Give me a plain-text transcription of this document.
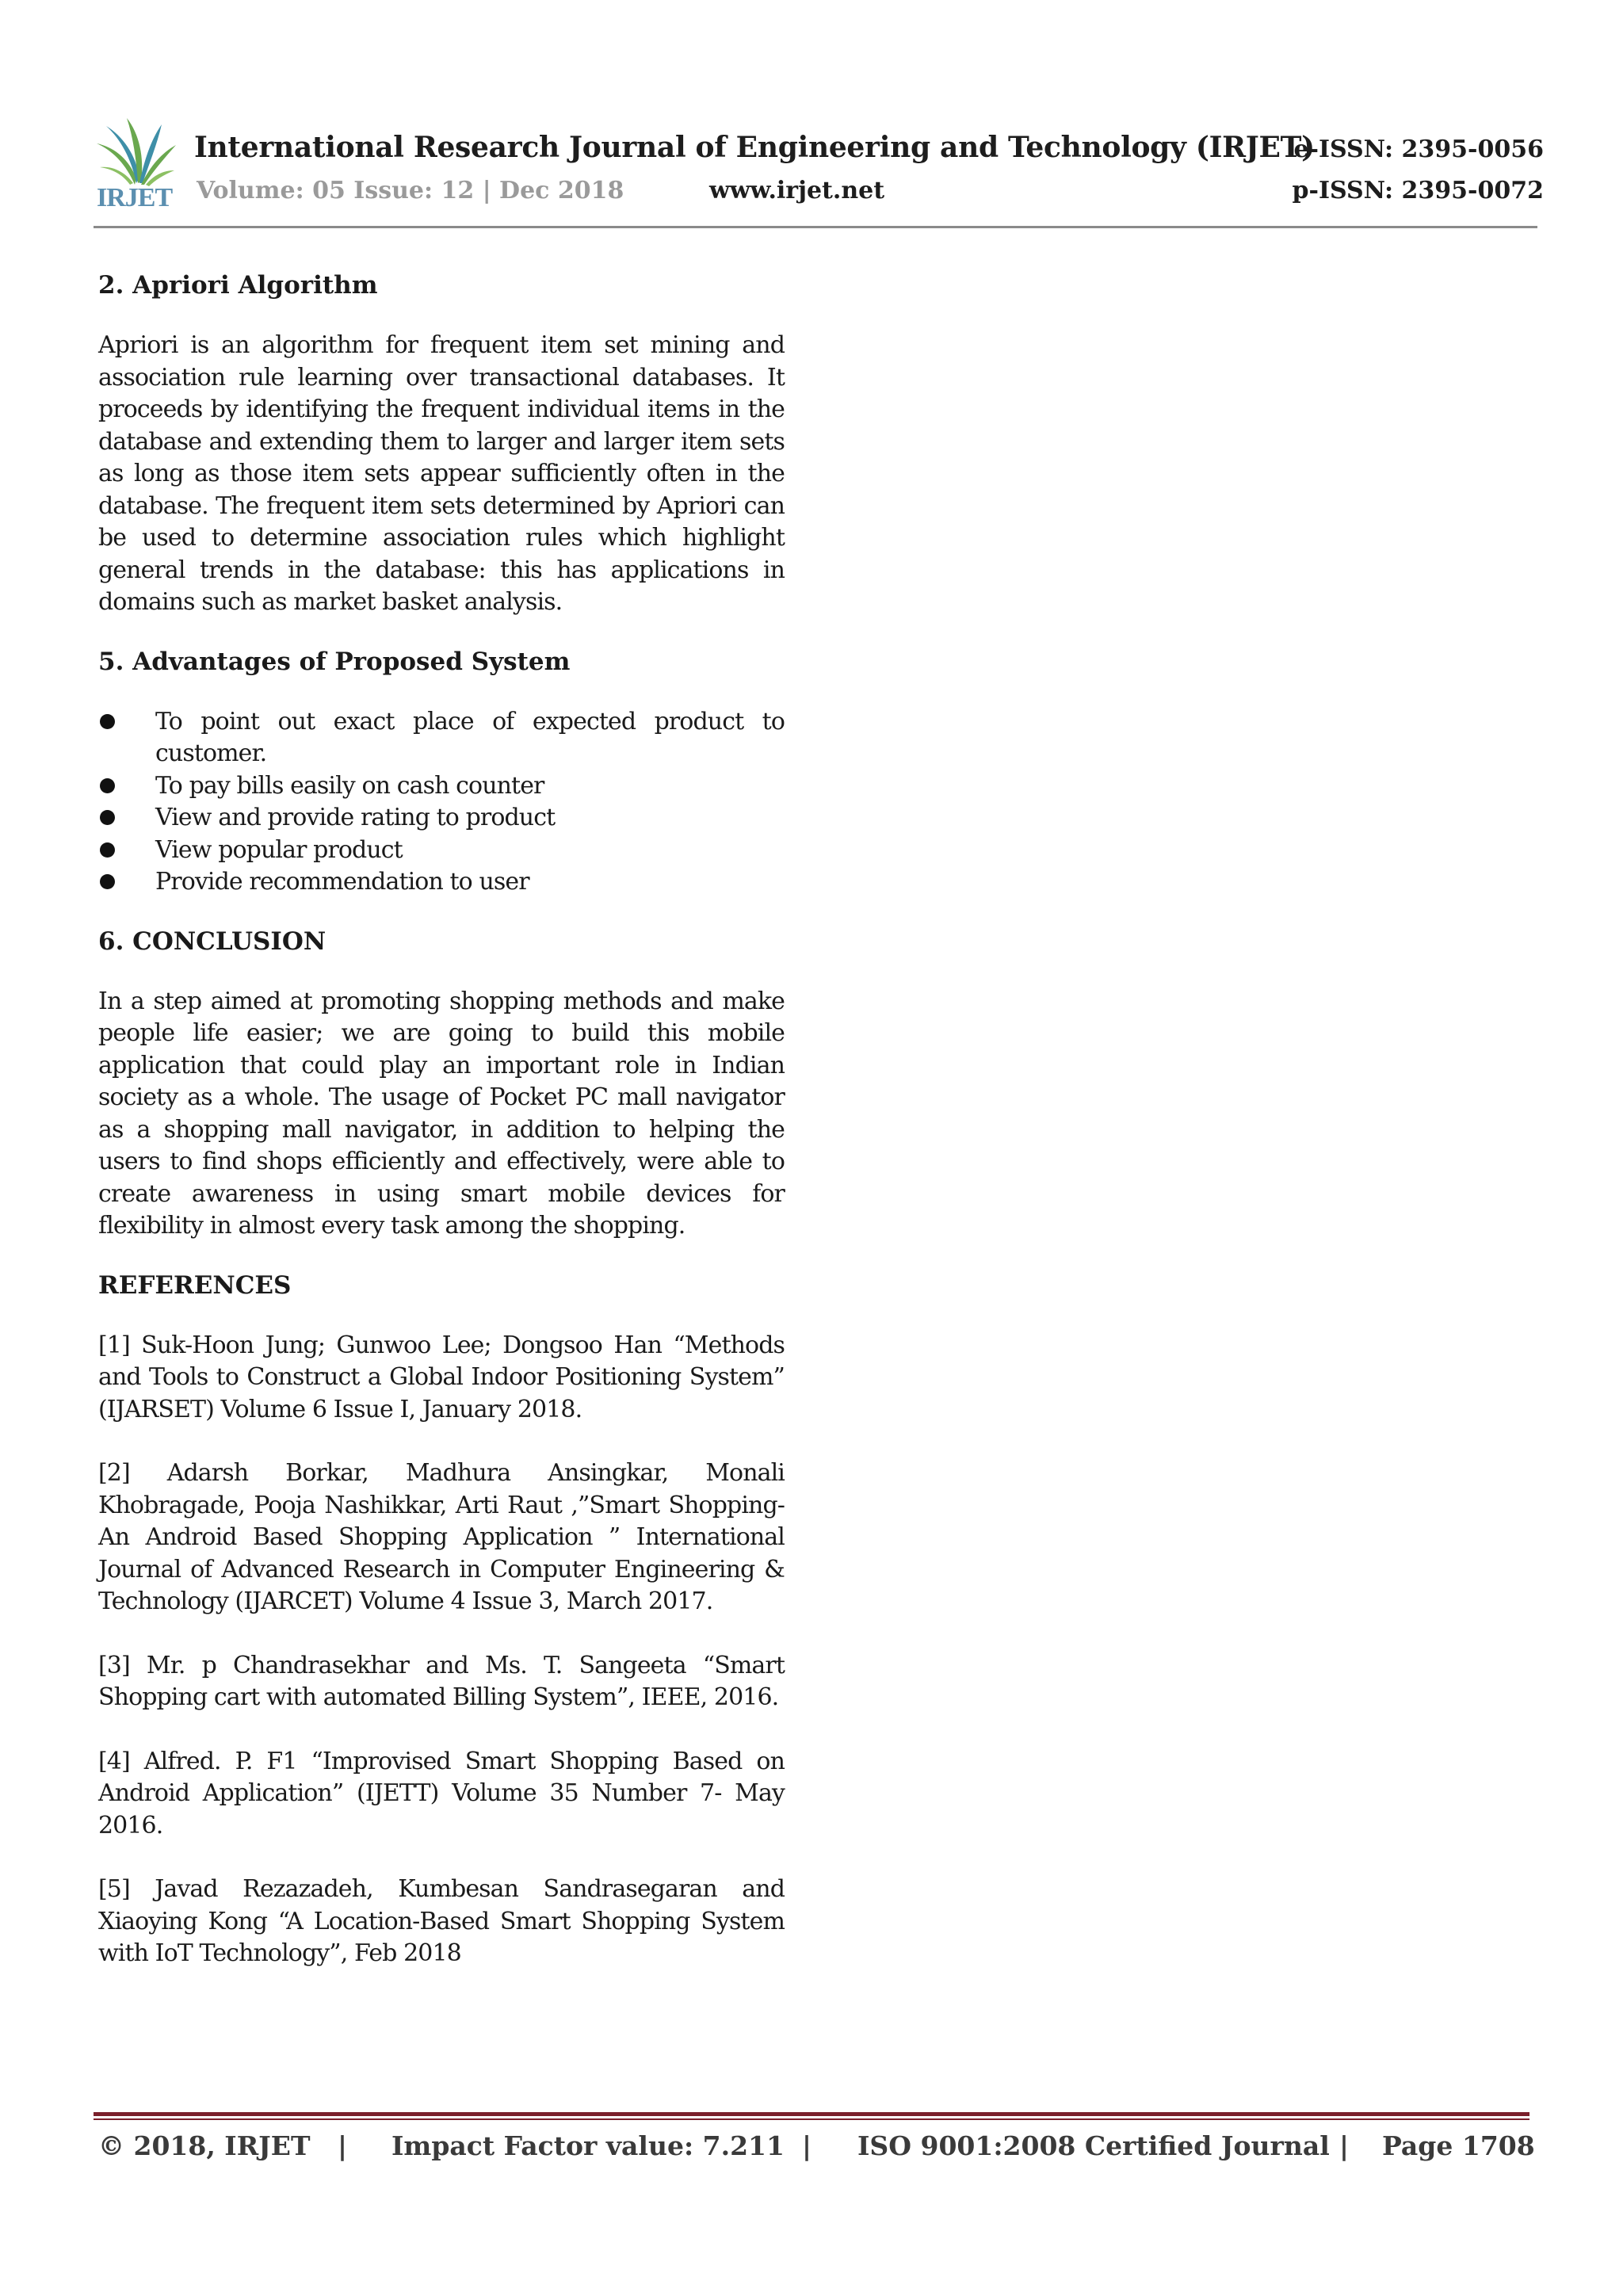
IRJET
International Research Journal of Engineering and Technology (IRJET)
e-ISSN: 2395-0056
Volume: 05 Issue: 12 | Dec 2018	www.irjet.net	p-ISSN: 2395-0072
2. Apriori Algorithm

Apriori is an algorithm for frequent item set mining and association rule learning over transactional databases. It proceeds by identifying the frequent individual items in the database and extending them to larger and larger item sets as long as those item sets appear sufficiently often in the database. The frequent item sets determined by Apriori can be used to determine association rules which highlight general trends in the database: this has applications in domains such as market basket analysis.

5. Advantages of Proposed System
To point out exact place of expected product to customer.
To pay bills easily on cash counter
View and provide rating to product
View popular product
Provide recommendation to user
6. CONCLUSION

In a step aimed at promoting shopping methods and make people life easier; we are going to build this mobile application that could play an important role in Indian society as a whole. The usage of Pocket PC mall navigator as a shopping mall navigator, in addition to helping the users to find shops efficiently and effectively, were able to create awareness in using smart mobile devices for flexibility in almost every task among the shopping.

REFERENCES

[1] Suk-Hoon Jung; Gunwoo Lee; Dongsoo Han “Methods and Tools to Construct a Global Indoor Positioning System” (IJARSET) Volume 6 Issue I, January 2018.

[2] Adarsh Borkar, Madhura Ansingkar, Monali Khobragade, Pooja Nashikkar, Arti Raut ,”Smart Shopping- An Android Based Shopping Application ” International Journal of Advanced Research in Computer Engineering & Technology (IJARCET) Volume 4 Issue 3, March 2017.

[3] Mr. p Chandrasekhar and Ms. T. Sangeeta “Smart Shopping cart with automated Billing System”, IEEE, 2016.

[4] Alfred. P. F1 “Improvised Smart Shopping Based on Android Application” (IJETT) Volume 35 Number 7- May 2016.

[5] Javad Rezazadeh, Kumbesan Sandrasegaran and Xiaoying Kong “A Location-Based Smart Shopping System with IoT Technology”, Feb 2018

© 2018, IRJET | Impact Factor value: 7.211 | ISO 9001:2008 Certified Journal | Page 1708
